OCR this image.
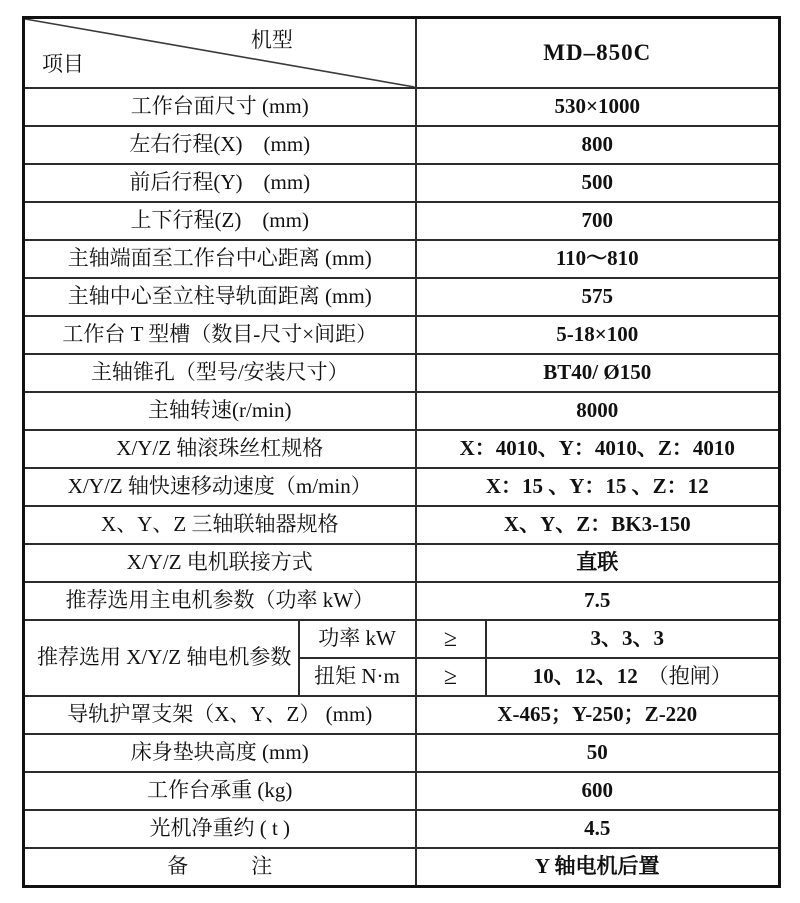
机型
项目		MD–850C	
工作台面尺寸 (mm)		530×1000	
左右行程(X)　(mm)		800	
前后行程(Y)　(mm)		500	
上下行程(Z)　(mm)		700	
主轴端面至工作台中心距离 (mm)		110～810	
主轴中心至立柱导轨面距离 (mm)		575	
工作台 T 型槽（数目-尺寸×间距）		5-18×100	
主轴锥孔（型号/安装尺寸）		BT40/ Ø150	
主轴转速(r/min)		8000	
X/Y/Z 轴滚珠丝杠规格		X：4010、Y：4010、Z：4010	
X/Y/Z 轴快速移动速度（m/min）		X：15 、Y：15 、Z：12	
X、Y、Z 三轴联轴器规格		X、Y、Z：BK3-150	
X/Y/Z 电机联接方式		直联	
推荐选用主电机参数（功率 kW）		7.5	
推荐选用 X/Y/Z 轴电机参数	功率 kW	≥	3、3、3
	扭矩 N·m	≥	10、12、12 （抱闸）
导轨护罩支架（X、Y、Z） (mm)		X-465；Y-250；Z-220	
床身垫块高度 (mm)		50	
工作台承重 (kg)		600	
光机净重约 ( t )		4.5	
备　　　注		Y 轴电机后置	
